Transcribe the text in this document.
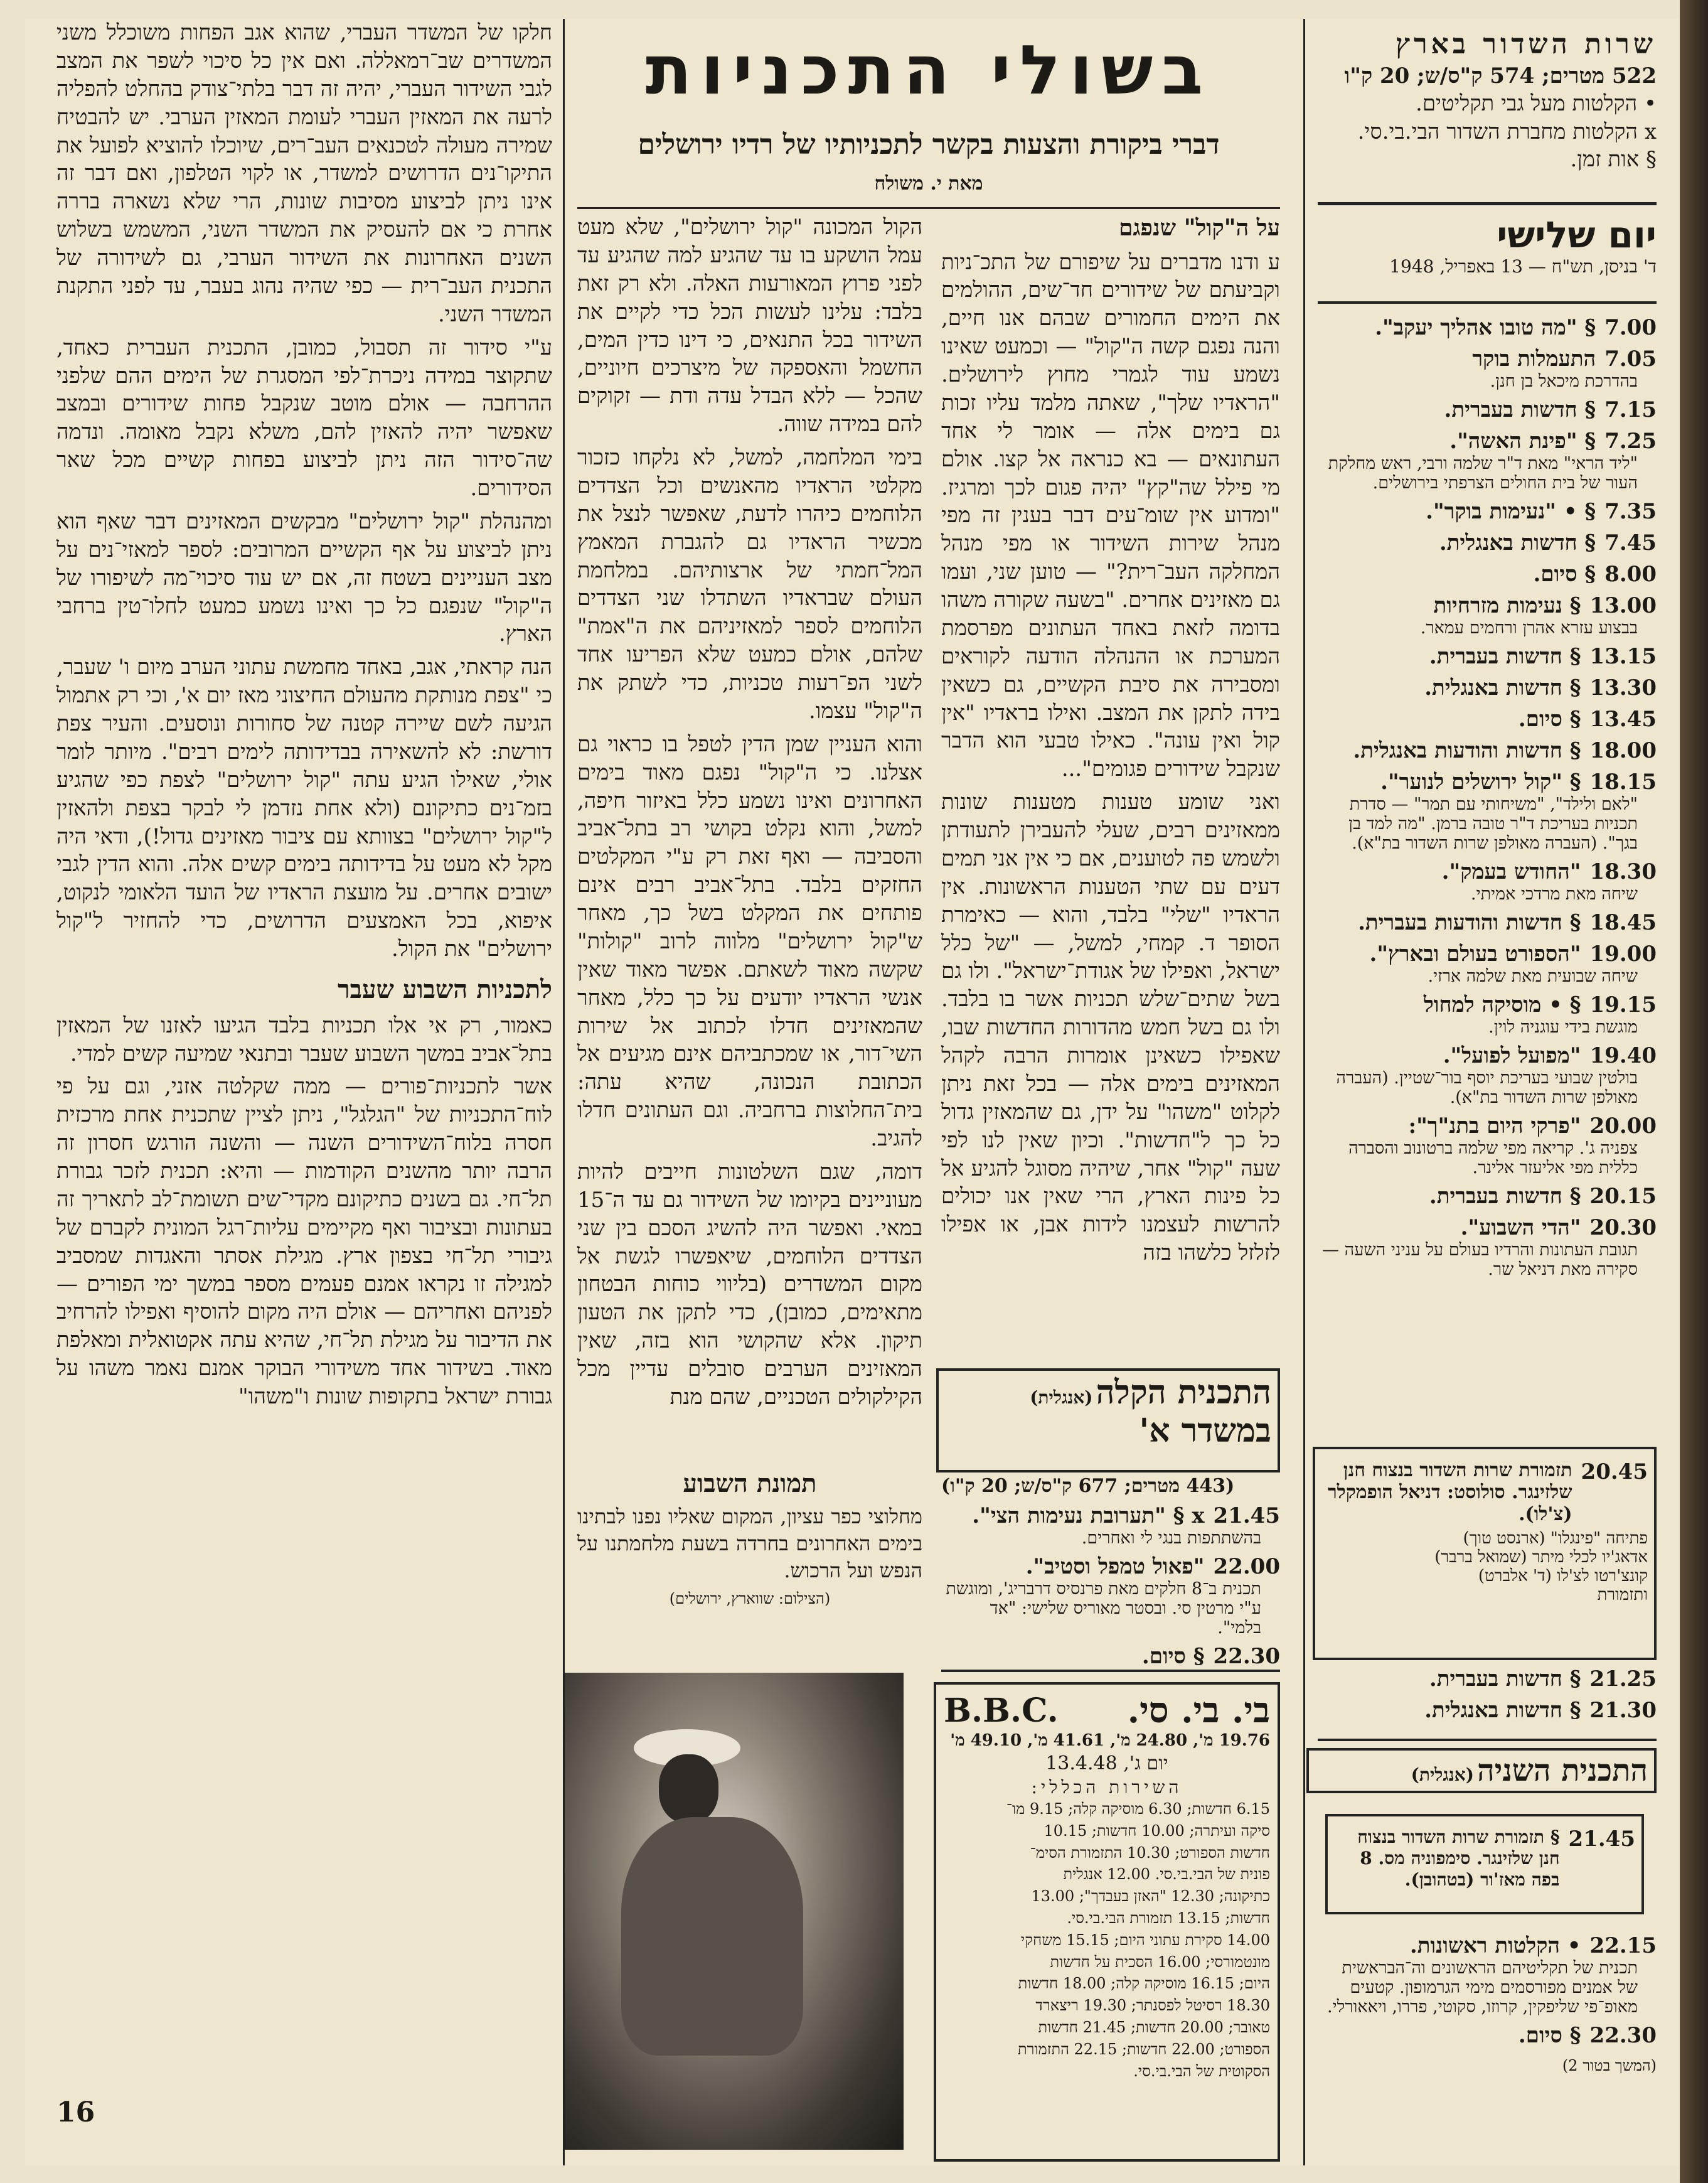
שרות השדור בארץ
522 מטרים; 574 ק"ס/ש; 20 ק"ו
• הקלטות מעל גבי תקליטים.
x הקלטות מחברת השדור הבי.בי.סי.
§ אות זמן.
יום שלישי
ד' בניסן, תש"ח — 13 באפריל, 1948
7.00
§ "מה טובו אהליך יעקב".
7.05
התעמלות בוקר
בהדרכת מיכאל בן חנן.
7.15
§ חדשות בעברית.
7.25
§ "פינת האשה".
"ליד הראי" מאת ד"ר שלמה ורבי, ראש מחלקת העור של בית החולים הצרפתי בירושלים.
7.35
§ • "נעימות בוקר".
7.45
§ חדשות באנגלית.
8.00
§ סיום.
13.00
§ נעימות מזרחיות
בבצוע עזרא אהרן ורחמים עמאר.
13.15
§ חדשות בעברית.
13.30
§ חדשות באנגלית.
13.45
§ סיום.
18.00
§ חדשות והודעות באנגלית.
18.15
§ "קול ירושלים לנוער".
"לאם ולילד", "משיחותי עם תמר" — סדרת תכניות בעריכת ד"ר טובה ברמן. "מה למד בן בגך". (העברה מאולפן שרות השדור בת"א).
18.30
"החודש בעמק".
שיחה מאת מרדכי אמיתי.
18.45
§ חדשות והודעות בעברית.
19.00
"הספורט בעולם ובארץ".
שיחה שבועית מאת שלמה ארזי.
19.15
§ • מוסיקה למחול
מוגשת בידי עוגניה לוין.
19.40
"מפועל לפועל".
בולטין שבועי בעריכת יוסף בור־שטיין. (העברה מאולפן שרות השדור בת"א).
20.00
"פרקי היום בתנ"ך":
צפניה ג'. קריאה מפי שלמה ברטונוב והסברה כללית מפי אליעזר אלינר.
20.15
§ חדשות בעברית.
20.30
"הדי השבוע".
תגובת העתונות והרדיו בעולם על עניני השעה — סקירה מאת דניאל שר.
20.45
תזמורת שרות השדור בנצוח חנן שלזינגר. סולוסט: דניאל הופמקלר (צ'לו).
פתיחה "פינגלו" (ארנסט טוך)
אדאג'יו לכלי מיתר (שמואל ברבר)
קונצ'רטו לצ'לו (ד' אלברט)
ותזמורת
21.25
§ חדשות בעברית.
21.30
§ חדשות באנגלית.
התכנית השניה (אנגלית)
21.45
§ תזמורת שרות השדור בנצוח חנן שלזינגר. סימפוניה מס. 8 בפה מאז'ור (בטהובן).
22.15
• הקלטות ראשונות.
תכנית של תקליטיהם הראשונים וה־הבראשית של אמנים מפורסמים מימי הגרמופון. קטעים מאופ־פי שליפקין, קרוזו, סקוטי, פררו, ויאאורלי.
22.30
§ סיום.
(המשך בטור 2)
16
בשולי התכניות
דברי ביקורת והצעות בקשר לתכניותיו של רדיו ירושלים
מאת י. משולח

על ה"קול" שנפגם

ע ודנו מדברים על שיפורם של התכ־ניות וקביעתם של שידורים חד־שים, ההולמים את הימים החמורים שבהם אנו חיים, והנה נפגם קשה ה"קול" — וכמעט שאינו נשמע עוד לגמרי מחוץ לירושלים. "הראדיו שלך", שאתה מלמד עליו זכות גם בימים אלה — אומר לי אחד העתונאים — בא כנראה אל קצו. אולם מי פילל שה"קץ" יהיה פגום לכך ומרגיז. "ומדוע אין שומ־עים דבר בענין זה מפי מנהל שירות השידור או מפי מנהל המחלקה העב־רית?" — טוען שני, ועמו גם מאזינים אחרים. "בשעה שקורה משהו בדומה לזאת באחד העתונים מפרסמת המערכת או ההנהלה הודעה לקוראים ומסבירה את סיבת הקשיים, גם כשאין בידה לתקן את המצב. ואילו בראדיו "אין קול ואין עונה". כאילו טבעי הוא הדבר שנקבל שידורים פגומים"...

ואני שומע טענות מטענות שונות ממאזינים רבים, שעלי להעבירן לתעודתן ולשמש פה לטוענים, אם כי אין אני תמים דעים עם שתי הטענות הראשונות. אין הראדיו "שלי" בלבד, והוא — כאימרת הסופר ד. קמחי, למשל, — "של כלל ישראל, ואפילו של אגודת־ישראל". ולו גם בשל שתים־שלש תכניות אשר בו בלבד. ולו גם בשל חמש מהדורות החדשות שבו, שאפילו כשאינן אומרות הרבה לקהל המאזינים בימים אלה — בכל זאת ניתן לקלוט "משהו" על ידן, גם שהמאזין גדול כל כך ל"חדשות". וכיון שאין לנו לפי שעה "קול" אחר, שיהיה מסוגל להגיע אל כל פינות הארץ, הרי שאין אנו יכולים להרשות לעצמנו לידות אבן, או אפילו לזלזל כלשהו בזה

התכנית הקלה (אנגלית)
במשדר א'
(443 מטרים; 677 ק"ס/ש; 20 ק"ו)
21.45
x § "תערובת נעימות הצי".
בהשתתפות בנגי לי ואחרים.
22.00
"פאול טמפל וסטיב".
תכנית ב־8 חלקים מאת פרנסיס דרבריג', ומוגשת ע"י מרטין סי. ובסטר מאוריס שלישי: "אד בלמי".
22.30
§ סיום.
בי. בי. סי.
B.B.C.
19.76 מ', 24.80 מ', 41.61 מ', 49.10 מ'
יום ג', 13.4.48
השירות הכללי:
6.15 חדשות; 6.30 מוסיקה קלה; 9.15 מו־
סיקה ועיתרה; 10.00 חדשות; 10.15
חדשות הספורט; 10.30 התזמורת הסימ־
פונית של הבי.בי.סי. 12.00 אנגלית
כתיקונה; 12.30 "האזן בעבדך"; 13.00
חדשות; 13.15 תזמורת הבי.בי.סי.
14.00 סקירת עתוני היום; 15.15 משחקי
מונטמורסי; 16.00 הסכית על חדשות
היום; 16.15 מוסיקה קלה; 18.00 חדשות
18.30 רסיטל לפסנתר; 19.30 ריצארד
טאובר; 20.00 חדשות; 21.45 חדשות
הספורט; 22.00 חדשות; 22.15 התזמורת
הסקוטית של הבי.בי.סי.

הקול המכונה "קול ירושלים", שלא מעט עמל הושקע בו עד שהגיע למה שהגיע עד לפני פרוץ המאורעות האלה. ולא רק זאת בלבד: עלינו לעשות הכל כדי לקיים את השידור בכל התנאים, כי דינו כדין המים, החשמל והאספקה של מיצרכים חיוניים, שהכל — ללא הבדל עדה ודת — זקוקים להם במידה שווה.

בימי המלחמה, למשל, לא נלקחו כזכור מקלטי הראדיו מהאנשים וכל הצדדים הלוחמים כיהרו לדעת, שאפשר לנצל את מכשיר הראדיו גם להגברת המאמץ המל־חמתי של ארצותיהם. במלחמת העולם שבראדיו השתדלו שני הצדדים הלוחמים לספר למאזיניהם את ה"אמת" שלהם, אולם כמעט שלא הפריעו אחד לשני הפ־רעות טכניות, כדי לשתק את ה"קול" עצמו.

והוא העניין שמן הדין לטפל בו כראוי גם אצלנו. כי ה"קול" נפגם מאוד בימים האחרונים ואינו נשמע כלל באיזור חיפה, למשל, והוא נקלט בקושי רב בתל־אביב והסביבה — ואף זאת רק ע"י המקלטים החזקים בלבד. בתל־אביב רבים אינם פותחים את המקלט בשל כך, מאחר ש"קול ירושלים" מלווה לרוב "קולות" שקשה מאוד לשאתם. אפשר מאוד שאין אנשי הראדיו יודעים על כך כלל, מאחר שהמאזינים חדלו לכתוב אל שירות השי־דור, או שמכתביהם אינם מגיעים אל הכתובת הנכונה, שהיא עתה: בית־החלוצות ברחביה. וגם העתונים חדלו להגיב.

דומה, שגם השלטונות חייבים להיות מעוניינים בקיומו של השידור גם עד ה־15 במאי. ואפשר היה להשיג הסכם בין שני הצדדים הלוחמים, שיאפשרו לגשת אל מקום המשדרים (בליווי כוחות הבטחון מתאימים, כמובן), כדי לתקן את הטעון תיקון. אלא שהקושי הוא בזה, שאין המאזינים הערבים סובלים עדיין מכל הקילקולים הטכניים, שהם מנת

תמונת השבוע
מחלוצי כפר עציון, המקום שאליו נפנו לבתינו בימים האחרונים בחרדה בשעת מלחמתנו על הנפש ועל הרכוש.
(הצילום: שווארץ, ירושלים)

חלקו של המשדר העברי, שהוא אגב הפחות משוכלל משני המשדרים שב־רמאללה. ואם אין כל סיכוי לשפר את המצב לגבי השידור העברי, יהיה זה דבר בלתי־צודק בהחלט להפליה לרעה את המאזין העברי לעומת המאזין הערבי. יש להבטיח שמירה מעולה לטכנאים העב־רים, שיוכלו להוציא לפועל את התיקו־נים הדרושים למשדר, או לקוי הטלפון, ואם דבר זה אינו ניתן לביצוע מסיבות שונות, הרי שלא נשארה בררה אחרת כי אם להעסיק את המשדר השני, המשמש בשלוש השנים האחרונות את השידור הערבי, גם לשידורה של התכנית העב־רית — כפי שהיה נהוג בעבר, עד לפני התקנת המשדר השני.

ע"י סידור זה תסבול, כמובן, התכנית העברית כאחד, שתקוצר במידה ניכרת־לפי המסגרת של הימים ההם שלפני ההרחבה — אולם מוטב שנקבל פחות שידורים ובמצב שאפשר יהיה להאזין להם, משלא נקבל מאומה. ונדמה שה־סידור הזה ניתן לביצוע בפחות קשיים מכל שאר הסידורים.

ומהנהלת "קול ירושלים" מבקשים המאזינים דבר שאף הוא ניתן לביצוע על אף הקשיים המרובים: לספר למאזי־נים על מצב העניינים בשטח זה, אם יש עוד סיכוי־מה לשיפורו של ה"קול" שנפגם כל כך ואינו נשמע כמעט לחלו־טין ברחבי הארץ.

הנה קראתי, אגב, באחד מחמשת עתוני הערב מיום ו' שעבר, כי "צפת מנותקת מהעולם החיצוני מאז יום א', וכי רק אתמול הגיעה לשם שיירה קטנה של סחורות ונוסעים. והעיר צפת דורשת: לא להשאירה בבדידותה לימים רבים". מיותר לומר אולי, שאילו הגיע עתה "קול ירושלים" לצפת כפי שהגיע בזמ־נים כתיקונם (ולא אחת נזדמן לי לבקר בצפת ולהאזין ל"קול ירושלים" בצוותא עם ציבור מאזינים גדול!), ודאי היה מקל לא מעט על בדידותה בימים קשים אלה. והוא הדין לגבי ישובים אחרים. על מועצת הראדיו של הועד הלאומי לנקוט, איפוא, בכל האמצעים הדרושים, כדי להחזיר ל"קול ירושלים" את הקול.

לתכניות השבוע שעבר

כאמור, רק אי אלו תכניות בלבד הגיעו לאזנו של המאזין בתל־אביב במשך השבוע שעבר ובתנאי שמיעה קשים למדי.

אשר לתכניות־פורים — ממה שקלטה אזני, וגם על פי לוח־התכניות של "הגלגל", ניתן לציין שתכנית אחת מרכזית חסרה בלוח־השידורים השנה — והשנה הורגש חסרון זה הרבה יותר מהשנים הקודמות — והיא: תכנית לזכר גבורת תל־חי. גם בשנים כתיקונם מקדי־שים תשומת־לב לתאריך זה בעתונות ובציבור ואף מקיימים עליות־רגל המונית לקברם של גיבורי תל־חי בצפון ארץ. מגילת אסתר והאגדות שמסביב למגילה זו נקראו אמנם פעמים מספר במשך ימי הפורים — לפניהם ואחריהם — אולם היה מקום להוסיף ואפילו להרחיב את הדיבור על מגילת תל־חי, שהיא עתה אקטואלית ומאלפת מאוד. בשידור אחד משידורי הבוקר אמנם נאמר משהו על גבורת ישראל בתקופות שונות ו"משהו"
